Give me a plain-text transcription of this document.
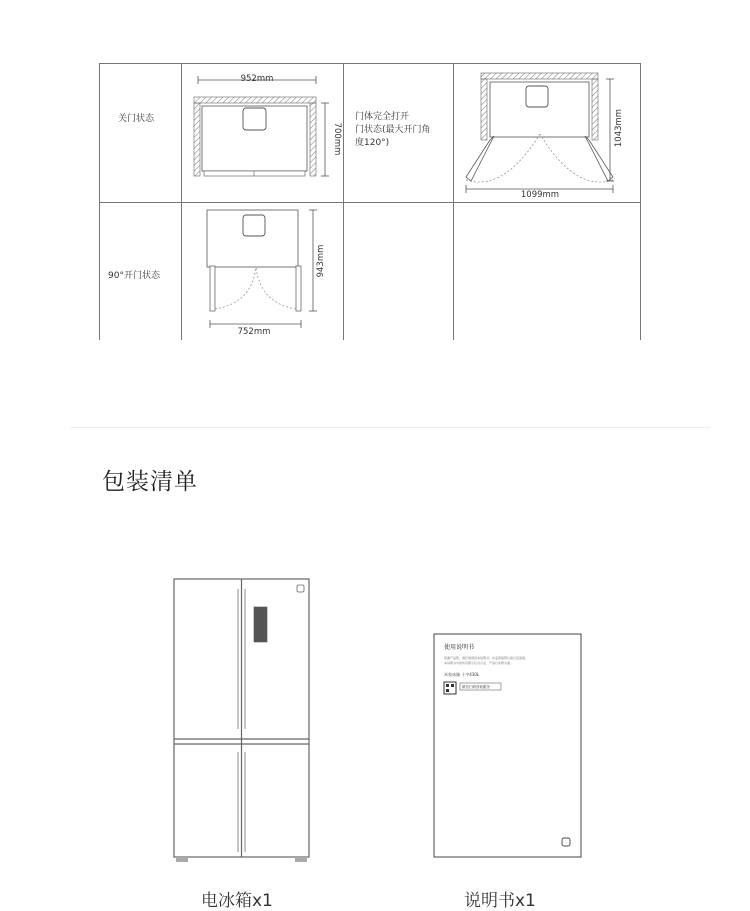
关门状态
90°开门状态
门体完全打开
门状态(最大开门角
度120°)
952mm
700mm
1099mm
1043mm
752mm
943mm
包装清单
使用说明书
感谢产品您，请仔细阅读本说明书，并妥善保管以备日后查阅。
本说明书中的所有图示仅为示意，产品以实物为准。
米家冰箱 十字430L
微信扫码获取服务
电冰箱x1	说明书x1
